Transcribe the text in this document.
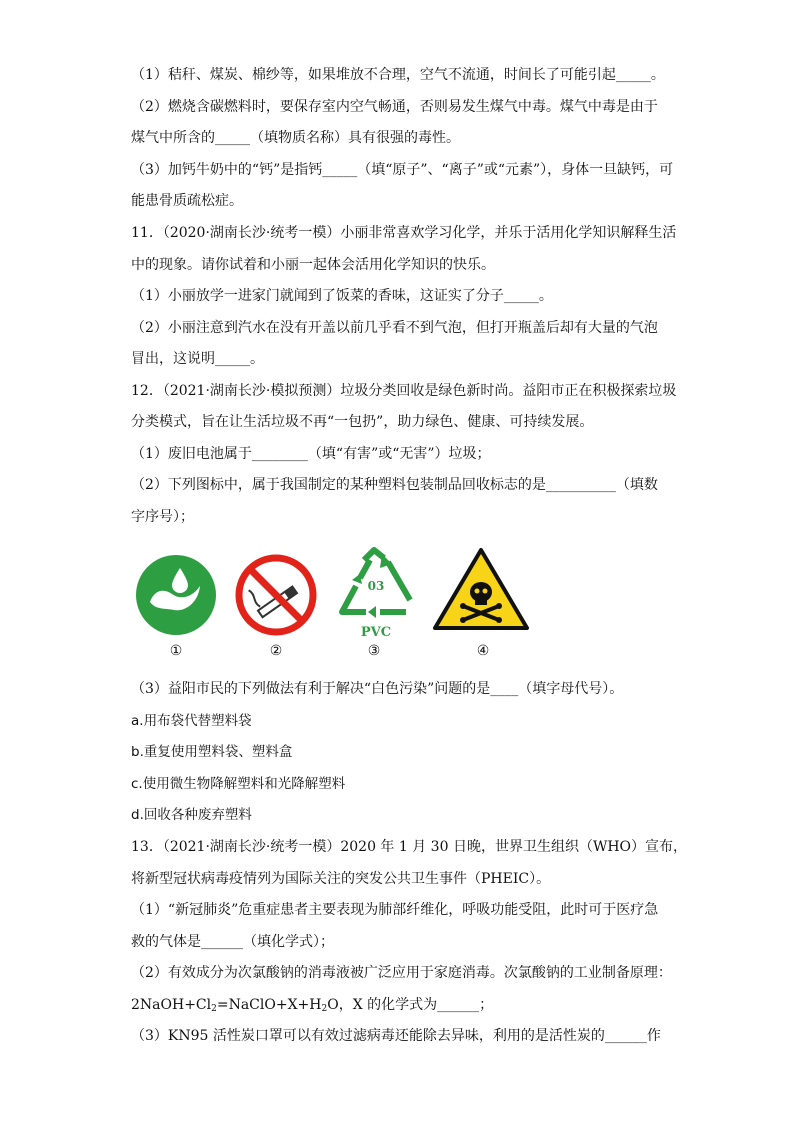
（1）秸秆、煤炭、棉纱等，如果堆放不合理，空气不流通，时间长了可能引起_____。
（2）燃烧含碳燃料时，要保存室内空气畅通，否则易发生煤气中毒。煤气中毒是由于
煤气中所含的_____（填物质名称）具有很强的毒性。
（3）加钙牛奶中的“钙”是指钙_____（填“原子”、“离子”或“元素”），身体一旦缺钙，可
能患骨质疏松症。
11．（2020·湖南长沙·统考一模）小丽非常喜欢学习化学，并乐于活用化学知识解释生活
中的现象。请你试着和小丽一起体会活用化学知识的快乐。
（1）小丽放学一进家门就闻到了饭菜的香味，这证实了分子_____。
（2）小丽注意到汽水在没有开盖以前几乎看不到气泡，但打开瓶盖后却有大量的气泡
冒出，这说明_____。
12．（2021·湖南长沙·模拟预测）垃圾分类回收是绿色新时尚。益阳市正在积极探索垃圾
分类模式，旨在让生活垃圾不再“一包扔”，助力绿色、健康、可持续发展。
（1）废旧电池属于________（填“有害”或“无害”）垃圾；
（2）下列图标中，属于我国制定的某种塑料包装制品回收标志的是__________（填数
字序号）；
①	②
03
PVC
③	④
（3）益阳市民的下列做法有利于解决“白色污染”问题的是____（填字母代号）。
a.用布袋代替塑料袋
b.重复使用塑料袋、塑料盒
c.使用微生物降解塑料和光降解塑料
d.回收各种废弃塑料
13．（2021·湖南长沙·统考一模）2020 年 1 月 30 日晚，世界卫生组织（WHO）宣布，
将新型冠状病毒疫情列为国际关注的突发公共卫生事件（PHEIC）。
（1）“新冠肺炎”危重症患者主要表现为肺部纤维化，呼吸功能受阻，此时可于医疗急
救的气体是______（填化学式）；
（2）有效成分为次氯酸钠的消毒液被广泛应用于家庭消毒。次氯酸钠的工业制备原理：
$2NaOH+Cl_2=NaClO+X+H_2O$，X 的化学式为______；
（3）KN95 活性炭口罩可以有效过滤病毒还能除去异味，利用的是活性炭的______作
